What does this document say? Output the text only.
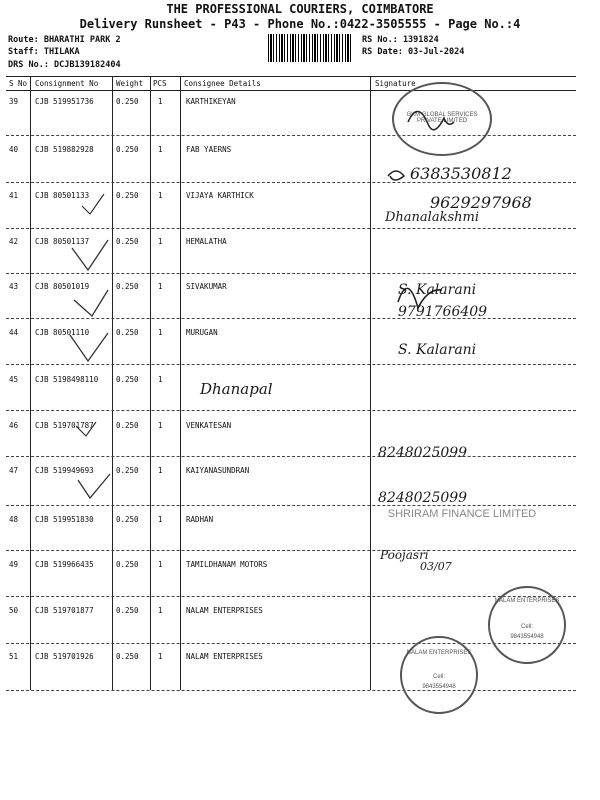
THE PROFESSIONAL COURIERS, COIMBATORE
Delivery Runsheet - P43 - Phone No.:0422-3505555 - Page No.:4
Route: BHARATHI PARK 2
Staff: THILAKA
DRS No.: DCJB139182404
RS No.: 1391824
RS Date: 03-Jul-2024
S No Consignment No Weight PCS Consignee Details	Signature
39 CJB 519951736	0.250	1	KARTHIKEYAN
40 CJB 519882928	0.250	1	FAB YAERNS
41 CJB 80501133	0.250	1	VIJAYA KARTHICK
42 CJB 80501137	0.250	1	HEMALATHA
43 CJB 80501019	0.250	1	SIVAKUMAR
44 CJB 80501110	0.250	1	MURUGAN
45 CJB 5198498110 0.250	1
Dhanapal
46 CJB 519701787	0.250	1	VENKATESAN
47 CJB 519949693	0.250	1	KAIYANASUNDRAN
48 CJB 519951830	0.250	1	RADHAN
49 CJB 519966435	0.250	1	TAMILDHANAM MOTORS
50 CJB 519701877	0.250	1	NALAM ENTERPRISES
51 CJB 519701926	0.250	1	NALAM ENTERPRISES
GKM GLOBAL SERVICES PRIVATE LIMITED
6383530812
9629297968
Dhanalakshmi
S. Kalarani
9791766409
S. Kalarani
8248025099
8248025099
Poojasri
03/07
SHRIRAM FINANCE LIMITED
NALAM ENTERPRISES
Cell:
9843554948
NALAM ENTERPRISES
Cell:
9843554948
